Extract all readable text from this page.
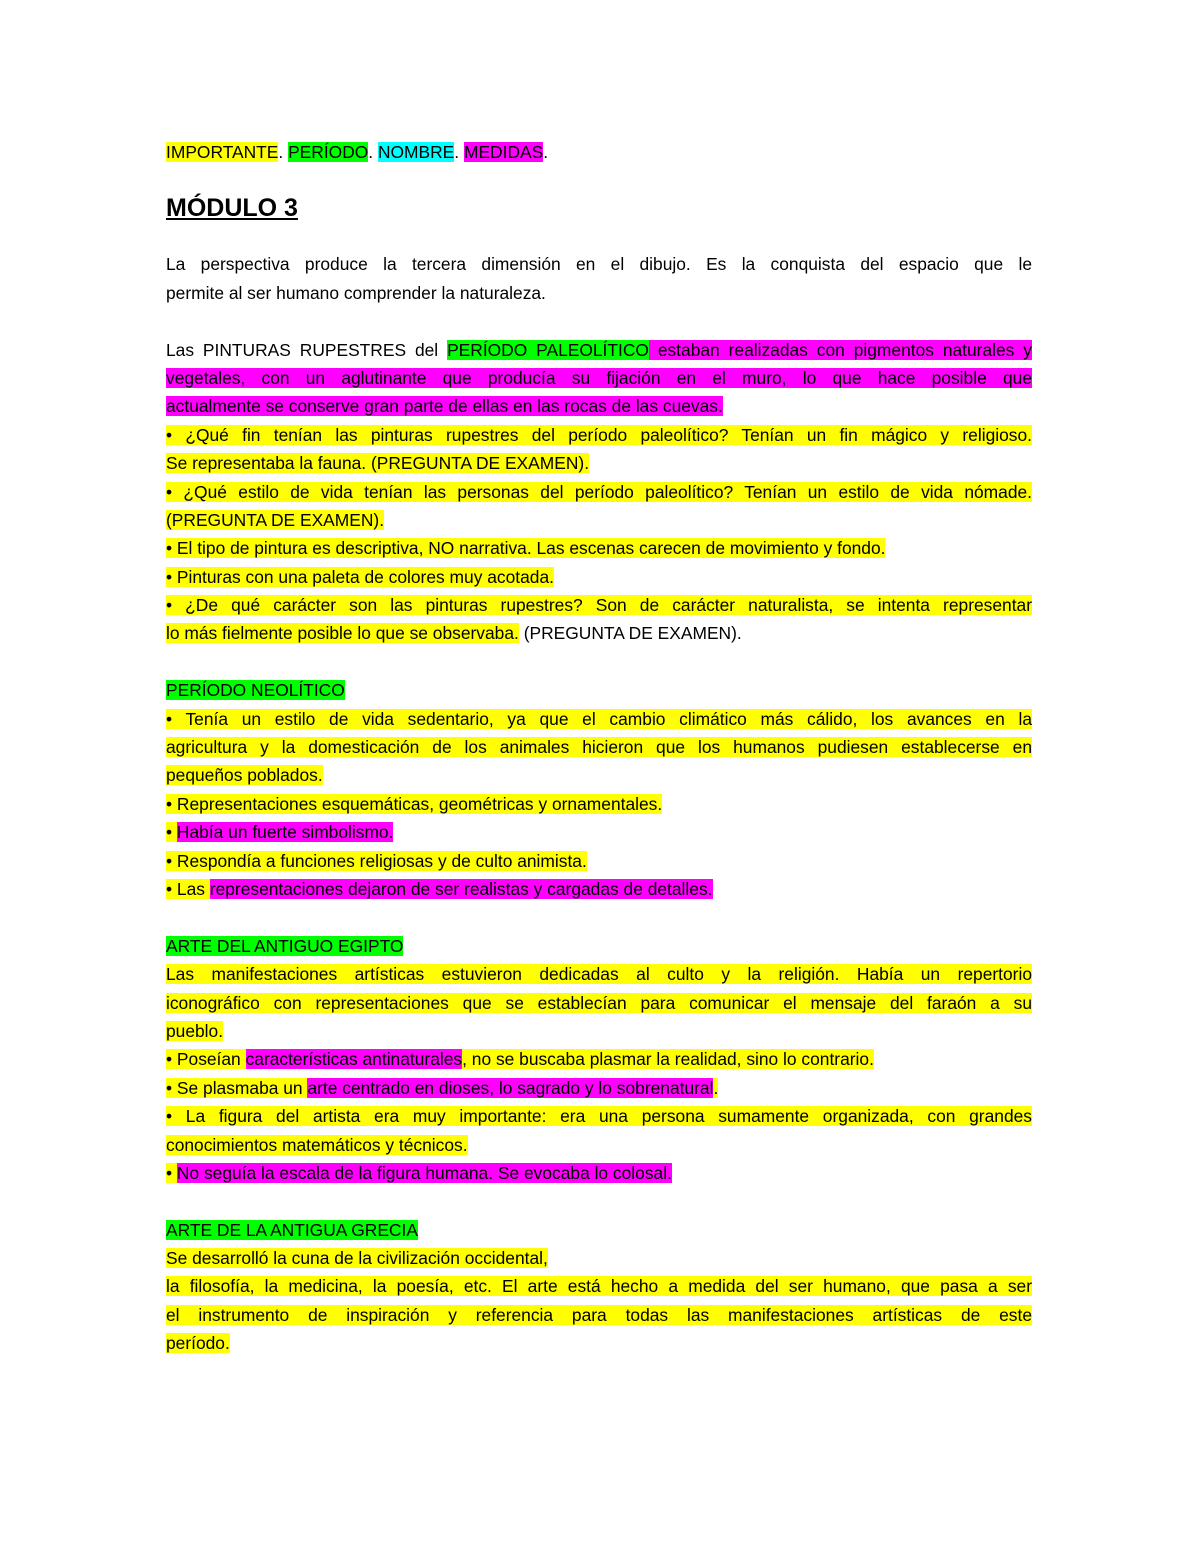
IMPORTANTE. PERÍODO. NOMBRE. MEDIDAS.
MÓDULO 3
La perspectiva produce la tercera dimensión en el dibujo. Es la conquista del espacio que le
permite al ser humano comprender la naturaleza.
Las PINTURAS RUPESTRES del PERÍODO PALEOLÍTICO estaban realizadas con pigmentos naturales y
vegetales, con un aglutinante que producía su fijación en el muro, lo que hace posible que
actualmente se conserve gran parte de ellas en las rocas de las cuevas.
• ¿Qué fin tenían las pinturas rupestres del período paleolítico? Tenían un fin mágico y religioso.
Se representaba la fauna. (PREGUNTA DE EXAMEN).
• ¿Qué estilo de vida tenían las personas del período paleolítico? Tenían un estilo de vida nómade.
(PREGUNTA DE EXAMEN).
• El tipo de pintura es descriptiva, NO narrativa. Las escenas carecen de movimiento y fondo.
• Pinturas con una paleta de colores muy acotada.
• ¿De qué carácter son las pinturas rupestres? Son de carácter naturalista, se intenta representar
lo más fielmente posible lo que se observaba. (PREGUNTA DE EXAMEN).
PERÍODO NEOLÍTICO
• Tenía un estilo de vida sedentario, ya que el cambio climático más cálido, los avances en la
agricultura y la domesticación de los animales hicieron que los humanos pudiesen establecerse en
pequeños poblados.
• Representaciones esquemáticas, geométricas y ornamentales.
• Había un fuerte simbolismo.
• Respondía a funciones religiosas y de culto animista.
• Las representaciones dejaron de ser realistas y cargadas de detalles.
ARTE DEL ANTIGUO EGIPTO
Las manifestaciones artísticas estuvieron dedicadas al culto y la religión. Había un repertorio
iconográfico con representaciones que se establecían para comunicar el mensaje del faraón a su
pueblo.
• Poseían características antinaturales, no se buscaba plasmar la realidad, sino lo contrario.
• Se plasmaba un arte centrado en dioses, lo sagrado y lo sobrenatural.
• La figura del artista era muy importante: era una persona sumamente organizada, con grandes
conocimientos matemáticos y técnicos.
• No seguía la escala de la figura humana. Se evocaba lo colosal.
ARTE DE LA ANTIGUA GRECIA
Se desarrolló la cuna de la civilización occidental,
la filosofía, la medicina, la poesía, etc. El arte está hecho a medida del ser humano, que pasa a ser
el instrumento de inspiración y referencia para todas las manifestaciones artísticas de este
período.
